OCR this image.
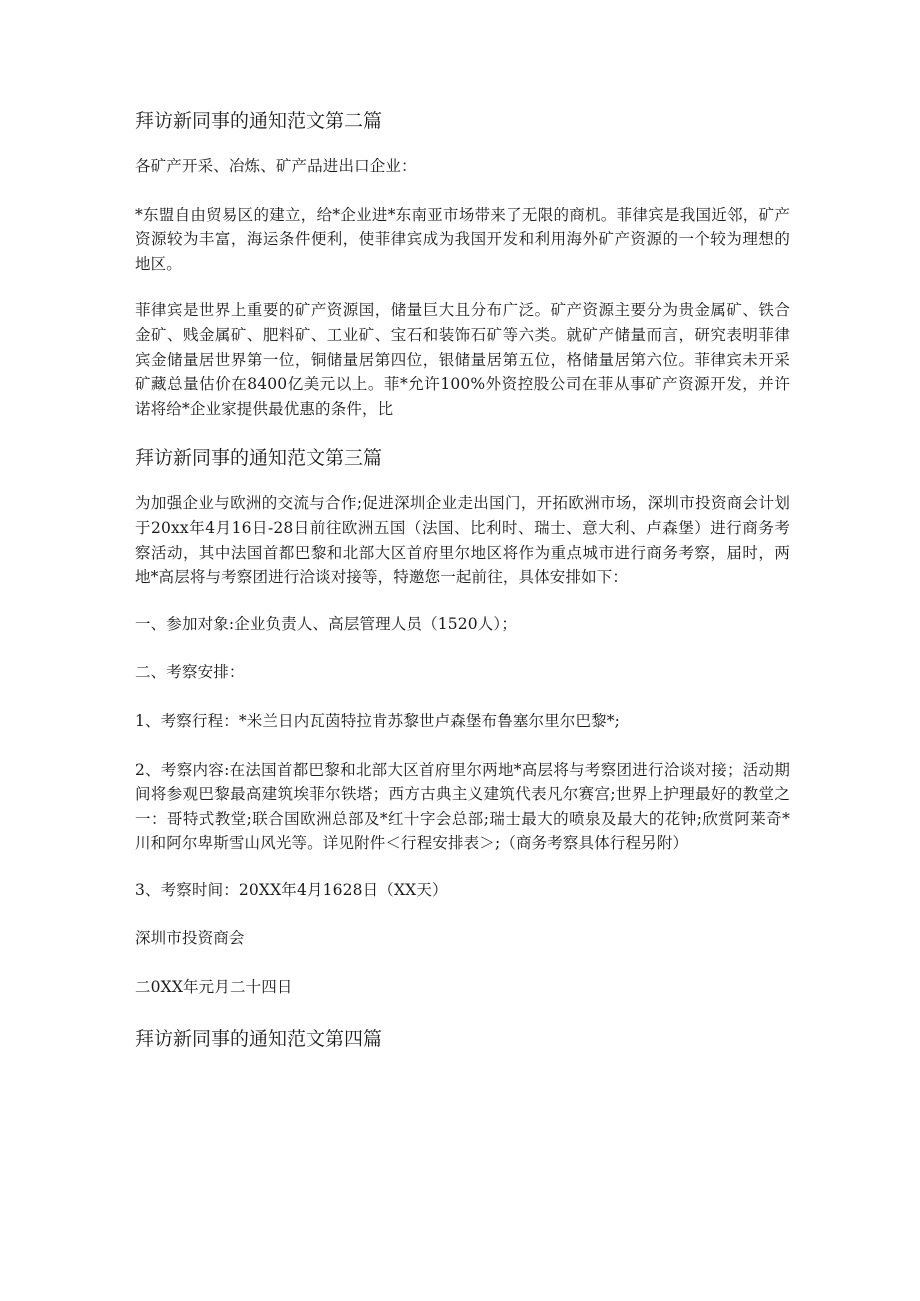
拜访新同事的通知范文第二篇

各矿产开采、冶炼、矿产品进出口企业：

*东盟自由贸易区的建立，给*企业进*东南亚市场带来了无限的商机。菲律宾是我国近邻，矿产资源较为丰富，海运条件便利，使菲律宾成为我国开发和利用海外矿产资源的一个较为理想的地区。

菲律宾是世界上重要的矿产资源国，储量巨大且分布广泛。矿产资源主要分为贵金属矿、铁合金矿、贱金属矿、肥料矿、工业矿、宝石和装饰石矿等六类。就矿产储量而言，研究表明菲律宾金储量居世界第一位，铜储量居第四位，银储量居第五位，格储量居第六位。菲律宾未开采矿藏总量估价在8400亿美元以上。菲*允许100%外资控股公司在菲从事矿产资源开发，并许诺将给*企业家提供最优惠的条件，比

拜访新同事的通知范文第三篇

为加强企业与欧洲的交流与合作;促进深圳企业走出国门，开拓欧洲市场，深圳市投资商会计划于20xx年4月16日-28日前往欧洲五国（法国、比利时、瑞士、意大利、卢森堡）进行商务考察活动，其中法国首都巴黎和北部大区首府里尔地区将作为重点城市进行商务考察，届时，两地*高层将与考察团进行洽谈对接等，特邀您一起前往，具体安排如下：

一、参加对象:企业负责人、高层管理人员（1520人）；

二、考察安排：

1、考察行程：*米兰日内瓦茵特拉肯苏黎世卢森堡布鲁塞尔里尔巴黎*;

2、考察内容:在法国首都巴黎和北部大区首府里尔两地*高层将与考察团进行洽谈对接；活动期间将参观巴黎最高建筑埃菲尔铁塔；西方古典主义建筑代表凡尔赛宫;世界上护理最好的教堂之一：哥特式教堂;联合国欧洲总部及*红十字会总部;瑞士最大的喷泉及最大的花钟;欣赏阿莱奇*川和阿尔卑斯雪山风光等。详见附件＜行程安排表＞;（商务考察具体行程另附）

3、考察时间：20XX年4月1628日（XX天）

深圳市投资商会

二0XX年元月二十四日

拜访新同事的通知范文第四篇
